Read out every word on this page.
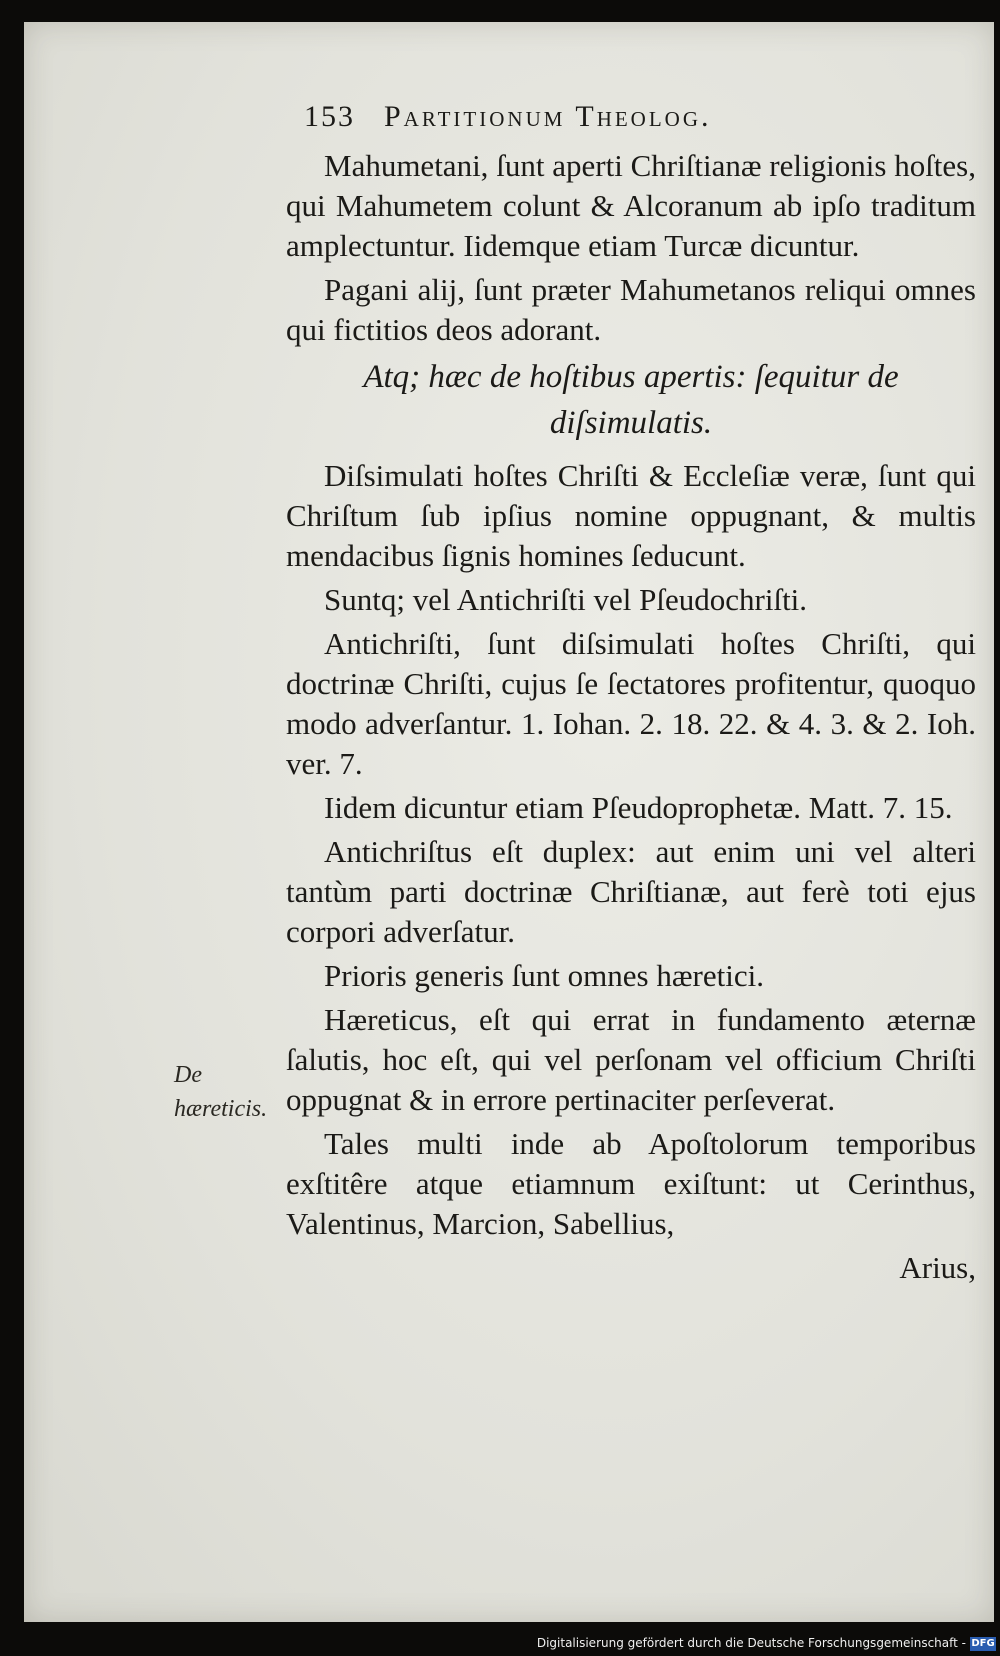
153 Partitionum Theolog.

Mahumetani, ſunt aperti Chriſtianæ religionis hoſtes, qui Mahumetem colunt & Alcoranum ab ipſo traditum amplectuntur. Iidemque etiam Turcæ dicuntur.

Pagani alij, ſunt præter Mahumetanos reliqui omnes qui fictitios deos adorant.

Atq; hæc de hoſtibus apertis: ſequitur de diſsimulatis.

Diſsimulati hoſtes Chriſti & Eccleſiæ veræ, ſunt qui Chriſtum ſub ipſius nomine oppugnant, & multis mendacibus ſignis homines ſeducunt.

Suntq; vel Antichriſti vel Pſeudochriſti.

Antichriſti, ſunt diſsimulati hoſtes Chriſti, qui doctrinæ Chriſti, cujus ſe ſectatores profitentur, quoquo modo adverſantur. 1. Iohan. 2. 18. 22. & 4. 3. & 2. Ioh. ver. 7.

Iidem dicuntur etiam Pſeudoprophetæ. Matt. 7. 15.

Antichriſtus eſt duplex: aut enim uni vel alteri tantùm parti doctrinæ Chriſtianæ, aut ferè toti ejus corpori adverſatur.

Prioris generis ſunt omnes hæretici.

Hæreticus, eſt qui errat in fundamento æternæ ſalutis, hoc eſt, qui vel perſonam vel officium Chriſti oppugnat & in errore pertinaciter perſeverat.

Tales multi inde ab Apoſtolorum temporibus exſtitêre atque etiamnum exiſtunt: ut Cerinthus, Valentinus, Marcion, Sabellius,

Arius,
De hæreticis.
Digitalisierung gefördert durch die Deutsche Forschungsgemeinschaft - DFG
